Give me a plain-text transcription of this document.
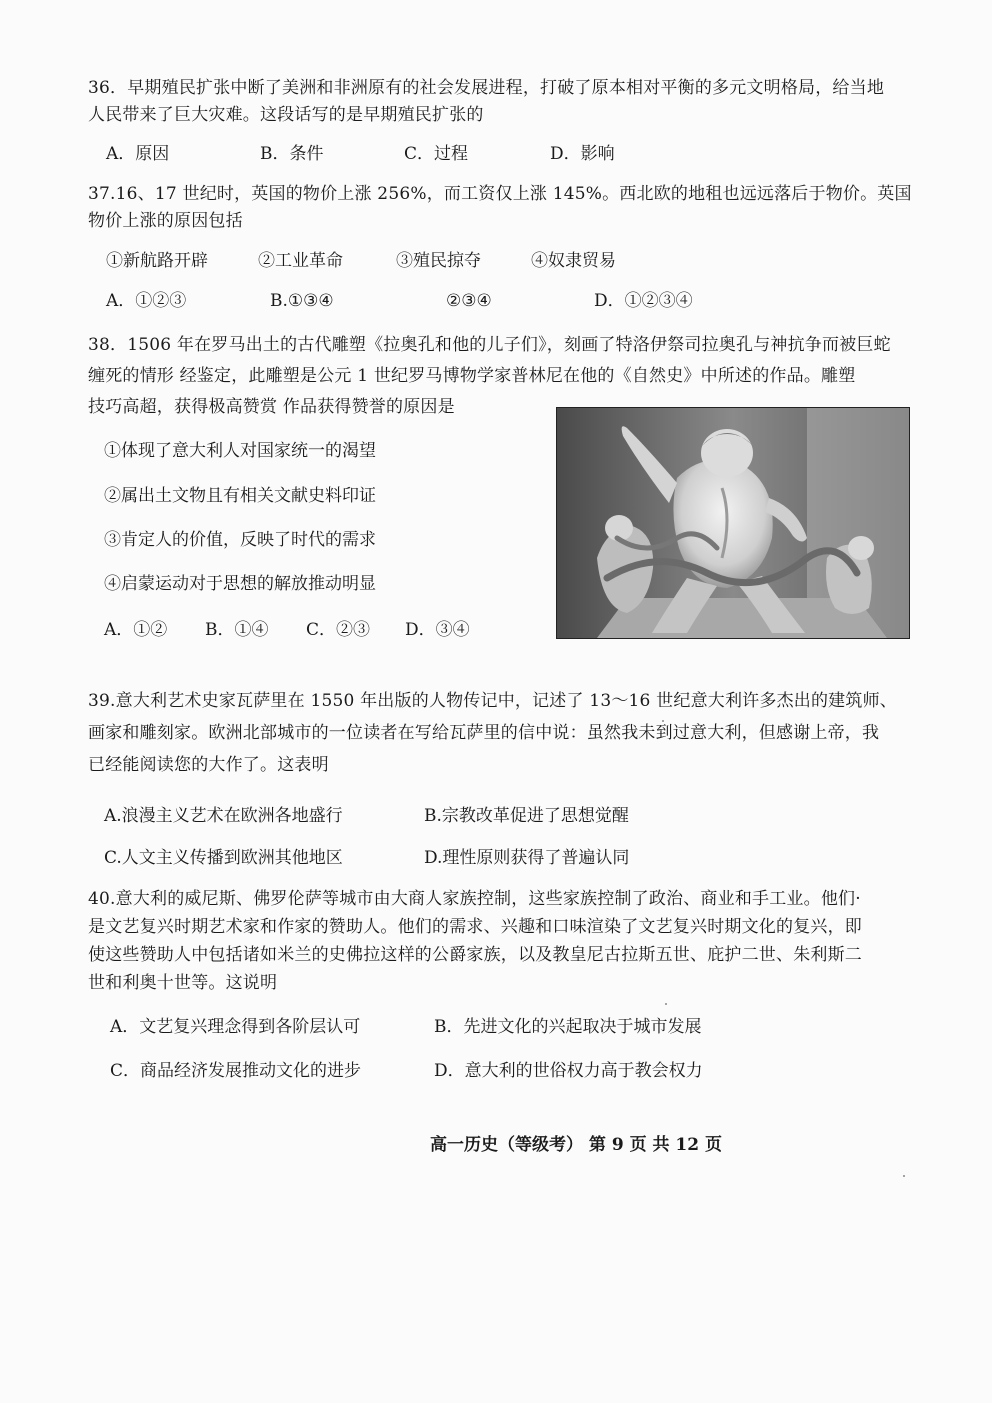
36．早期殖民扩张中断了美洲和非洲原有的社会发展进程，打破了原本相对平衡的多元文明格局，给当地
人民带来了巨大灾难。这段话写的是早期殖民扩张的
A．原因	B．条件	C．过程	D．影响
37.16、17 世纪时，英国的物价上涨 256%，而工资仅上涨 145%。西北欧的地租也远远落后于物价。英国
物价上涨的原因包括
①新航路开辟	②工业革命	③殖民掠夺	④奴隶贸易
A．①②③	B.①③④	②③④	D．①②③④
38．1506 年在罗马出土的古代雕塑《拉奥孔和他的儿子们》，刻画了特洛伊祭司拉奥孔与神抗争而被巨蛇
缠死的情形 经鉴定，此雕塑是公元 1 世纪罗马博物学家普林尼在他的《自然史》中所述的作品。雕塑
技巧高超，获得极高赞赏 作品获得赞誉的原因是
①体现了意大利人对国家统一的渴望
②属出土文物且有相关文献史料印证
③肯定人的价值，反映了时代的需求
④启蒙运动对于思想的解放推动明显
A．①② B．①④ C．②③ D．③④
39.意大利艺术史家瓦萨里在 1550 年出版的人物传记中，记述了 13～16 世纪意大利许多杰出的建筑师、
画家和雕刻家。欧洲北部城市的一位读者在写给瓦萨里的信中说：虽然我未到过意大利，但感谢上帝，我
已经能阅读您的大作了。这表明
A.浪漫主义艺术在欧洲各地盛行	B.宗教改革促进了思想觉醒
C.人文主义传播到欧洲其他地区	D.理性原则获得了普遍认同
40.意大利的威尼斯、佛罗伦萨等城市由大商人家族控制，这些家族控制了政治、商业和手工业。他们·
是文艺复兴时期艺术家和作家的赞助人。他们的需求、兴趣和口味渲染了文艺复兴时期文化的复兴，即
使这些赞助人中包括诸如米兰的史佛拉这样的公爵家族，以及教皇尼古拉斯五世、庇护二世、朱利斯二
世和利奥十世等。这说明
A．文艺复兴理念得到各阶层认可	B．先进文化的兴起取决于城市发展
C．商品经济发展推动文化的进步	D．意大利的世俗权力高于教会权力
高一历史（等级考） 第 9 页 共 12 页
